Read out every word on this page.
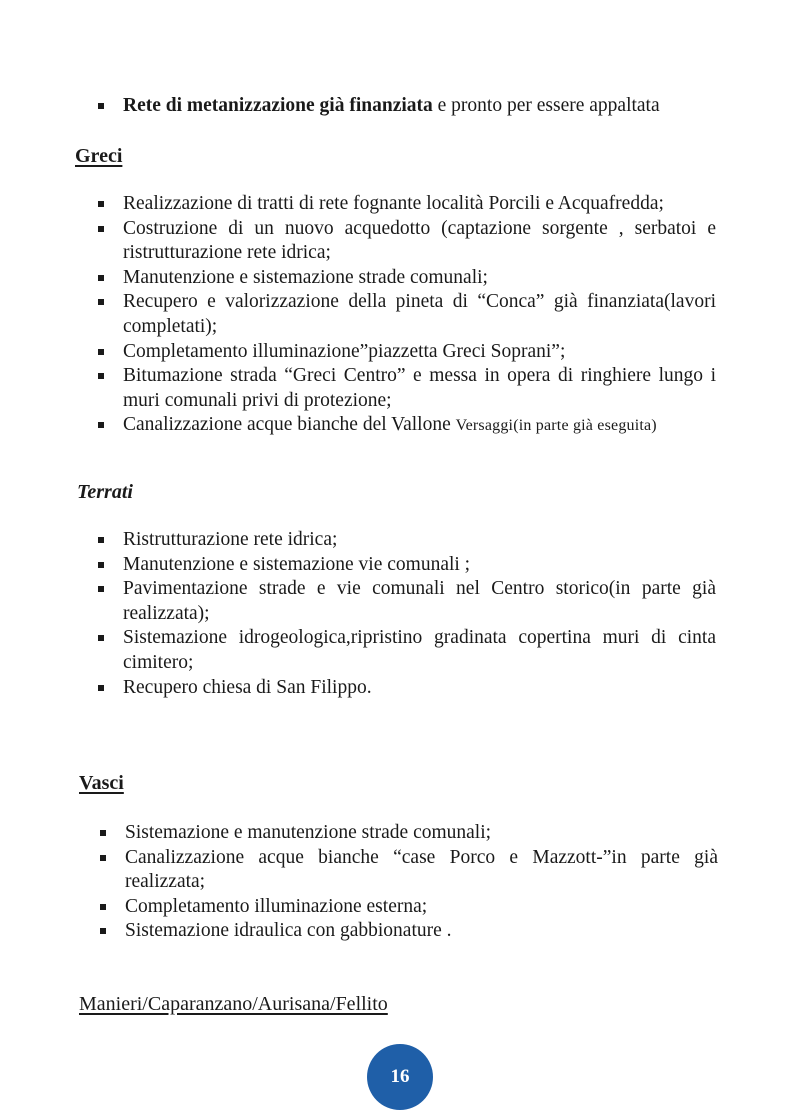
Rete di metanizzazione già finanziata e pronto per essere appaltata
Greci
Realizzazione di tratti di rete fognante località Porcili e Acquafredda;
Costruzione di un nuovo acquedotto (captazione sorgente , serbatoi e ristrutturazione rete idrica;
Manutenzione e sistemazione strade comunali;
Recupero e valorizzazione della pineta di “Conca” già finanziata(lavori completati);
Completamento illuminazione”piazzetta Greci Soprani”;
Bitumazione strada “Greci Centro” e messa in opera di ringhiere lungo i muri comunali privi di protezione;
Canalizzazione acque bianche del Vallone Versaggi(in parte già eseguita)
Terrati
Ristrutturazione rete idrica;
Manutenzione e sistemazione vie comunali ;
Pavimentazione strade e vie comunali nel Centro storico(in parte già realizzata);
Sistemazione idrogeologica,ripristino gradinata copertina muri di cinta cimitero;
Recupero chiesa di San Filippo.
Vasci
Sistemazione e manutenzione strade comunali;
Canalizzazione acque bianche “case Porco e Mazzott-”in parte già realizzata;
Completamento illuminazione esterna;
Sistemazione idraulica con gabbionature .
Manieri/Caparanzano/Aurisana/Fellito
16
